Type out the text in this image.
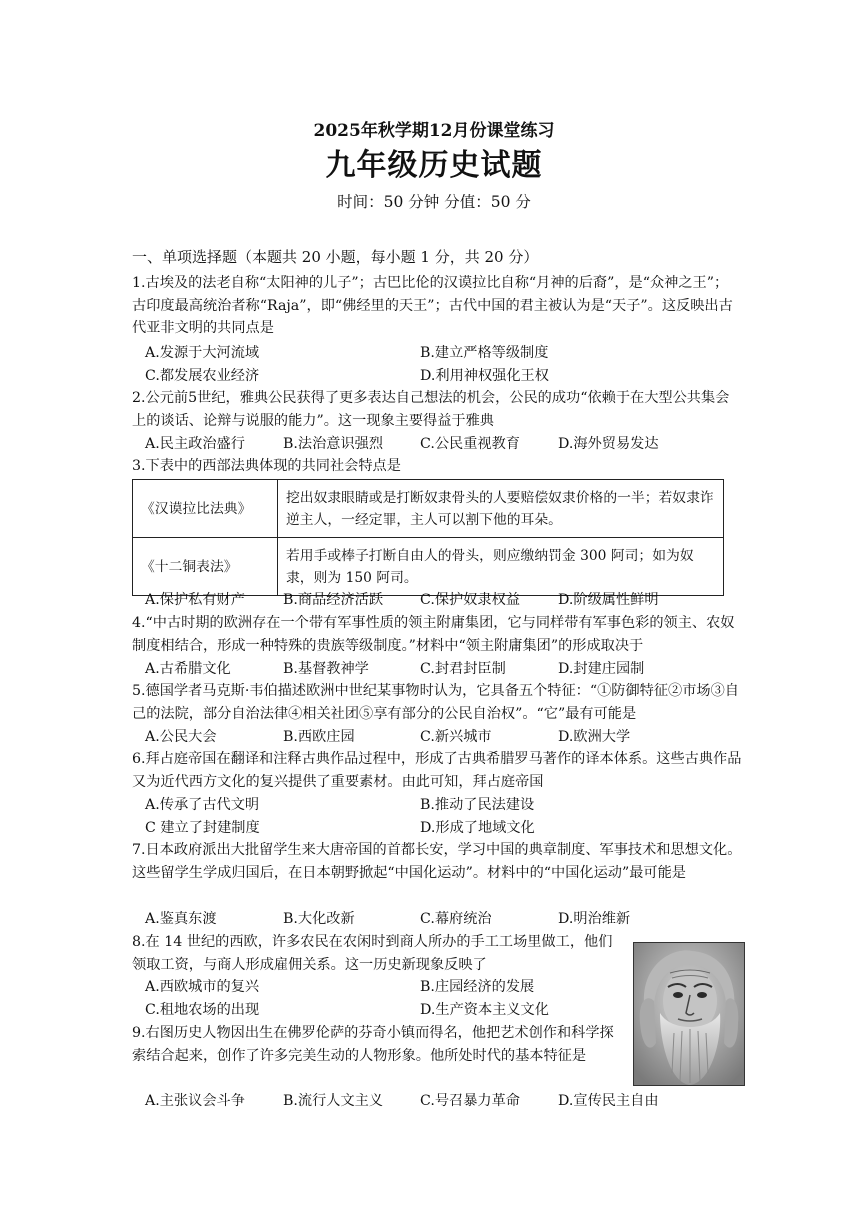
2025年秋学期12月份课堂练习
九年级历史试题
时间：50 分钟 分值：50 分
一、单项选择题（本题共 20 小题，每小题 1 分，共 20 分）
1.古埃及的法老自称“太阳神的儿子”；古巴比伦的汉谟拉比自称“月神的后裔”，是“众神之王”；古印度最高统治者称“Raja”，即“佛经里的天王”；古代中国的君主被认为是“天子”。这反映出古代亚非文明的共同点是
A.发源于大河流域	B.建立严格等级制度
C.都发展农业经济	D.利用神权强化王权
2.公元前5世纪，雅典公民获得了更多表达自己想法的机会，公民的成功“依赖于在大型公共集会上的谈话、论辩与说服的能力”。这一现象主要得益于雅典
A.民主政治盛行	B.法治意识强烈	C.公民重视教育	D.海外贸易发达
3.下表中的西部法典体现的共同社会特点是
《汉谟拉比法典》	挖出奴隶眼睛或是打断奴隶骨头的人要赔偿奴隶价格的一半；若奴隶诈逆主人，一经定罪，主人可以割下他的耳朵。
《十二铜表法》	若用手或棒子打断自由人的骨头，则应缴纳罚金 300 阿司；如为奴隶，则为 150 阿司。
A.保护私有财产	B.商品经济活跃	C.保护奴隶权益	D.阶级属性鲜明
4.“中古时期的欧洲存在一个带有军事性质的领主附庸集团，它与同样带有军事色彩的领主、农奴制度相结合，形成一种特殊的贵族等级制度。”材料中“领主附庸集团”的形成取决于
A.古希腊文化	B.基督教神学	C.封君封臣制	D.封建庄园制
5.德国学者马克斯·韦伯描述欧洲中世纪某事物时认为，它具备五个特征：“①防御特征②市场③自己的法院，部分自治法律④相关社团⑤享有部分的公民自治权”。“它”最有可能是
A.公民大会	B.西欧庄园	C.新兴城市	D.欧洲大学
6.拜占庭帝国在翻译和注释古典作品过程中，形成了古典希腊罗马著作的译本体系。这些古典作品又为近代西方文化的复兴提供了重要素材。由此可知，拜占庭帝国
A.传承了古代文明	B.推动了民法建设
C 建立了封建制度	D.形成了地域文化
7.日本政府派出大批留学生来大唐帝国的首都长安，学习中国的典章制度、军事技术和思想文化。这些留学生学成归国后，在日本朝野掀起“中国化运动”。材料中的“中国化运动”最可能是
A.鉴真东渡	B.大化改新	C.幕府统治	D.明治维新
8.在 14 世纪的西欧，许多农民在农闲时到商人所办的手工工场里做工，他们领取工资，与商人形成雇佣关系。这一历史新现象反映了
A.西欧城市的复兴	B.庄园经济的发展
C.租地农场的出现	D.生产资本主义文化
9.右图历史人物因出生在佛罗伦萨的芬奇小镇而得名，他把艺术创作和科学探索结合起来，创作了许多完美生动的人物形象。他所处时代的基本特征是
A.主张议会斗争	B.流行人文主义	C.号召暴力革命	D.宣传民主自由
